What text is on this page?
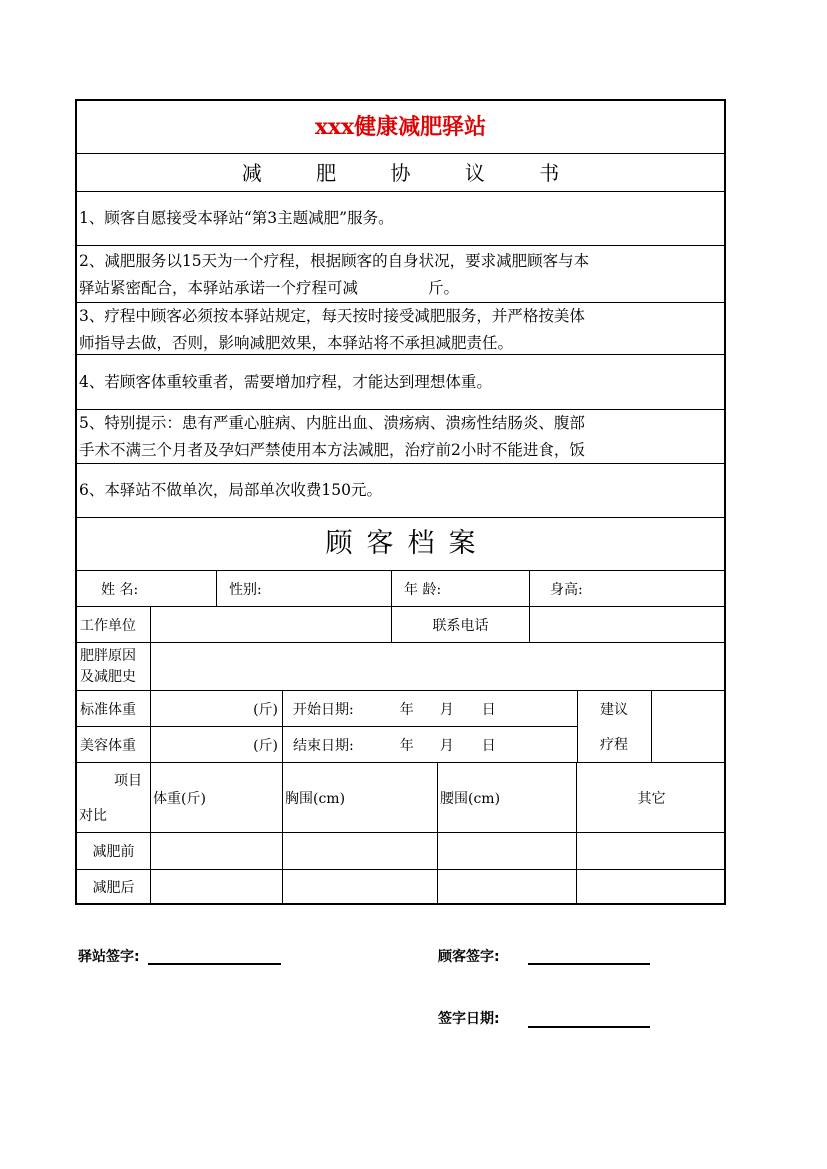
xxx健康减肥驿站
减 肥 协 议 书
1、顾客自愿接受本驿站“第3主题减肥”服务。
2、减肥服务以15天为一个疗程，根据顾客的自身状况，要求减肥顾客与本
驿站紧密配合，本驿站承诺一个疗程可减	斤。
3、疗程中顾客必须按本驿站规定，每天按时接受减肥服务，并严格按美体
师指导去做，否则，影响减肥效果，本驿站将不承担减肥责任。
4、若顾客体重较重者，需要增加疗程，才能达到理想体重。
5、特别提示：患有严重心脏病、内脏出血、溃疡病、溃疡性结肠炎、腹部
手术不满三个月者及孕妇严禁使用本方法减肥，治疗前2小时不能进食，饭
6、本驿站不做单次，局部单次收费150元。
顾客档案
姓 名:	性别:	年 龄:	身高:
工作单位	联系电话
肥胖原因
及减肥史
标准体重	(斤) 开始日期:	年 月 日
美容体重	(斤) 结束日期:	年 月 日
建议
疗程
项目
对比
体重(斤)	胸围(cm)	腰围(cm)	其它
减肥前
减肥后
驿站签字:	顾客签字:
签字日期:
